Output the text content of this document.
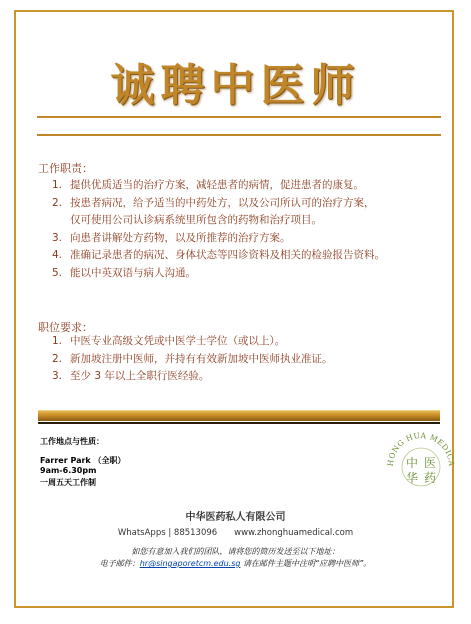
诚聘中医师
工作职责：
1. 提供优质适当的治疗方案，减轻患者的病情，促进患者的康复。
2. 按患者病况，给予适当的中药处方，以及公司所认可的治疗方案，
仅可使用公司认诊病系统里所包含的药物和治疗项目。
3. 向患者讲解处方药物，以及所推荐的治疗方案。
4. 准确记录患者的病况、身体状态等四诊资料及相关的检验报告资料。
5. 能以中英双语与病人沟通。
职位要求：
1. 中医专业高级文凭或中医学士学位（或以上）。
2. 新加坡注册中医师，并持有有效新加坡中医师执业准证。
3. 至少 3 年以上全职行医经验。
工作地点与性质：
Farrer Park （全职）
9am-6.30pm
一周五天工作制
HONG HUA MEDICA
中 医
华 药
中华医药私人有限公司
WhatsApps | 88513096　　www.zhonghuamedical.com
如您有意加入我们的团队，请将您的简历发送至以下地址：
电子邮件：hr@singaporetcm.edu.sg 请在邮件主题中注明“应聘中医师”。
